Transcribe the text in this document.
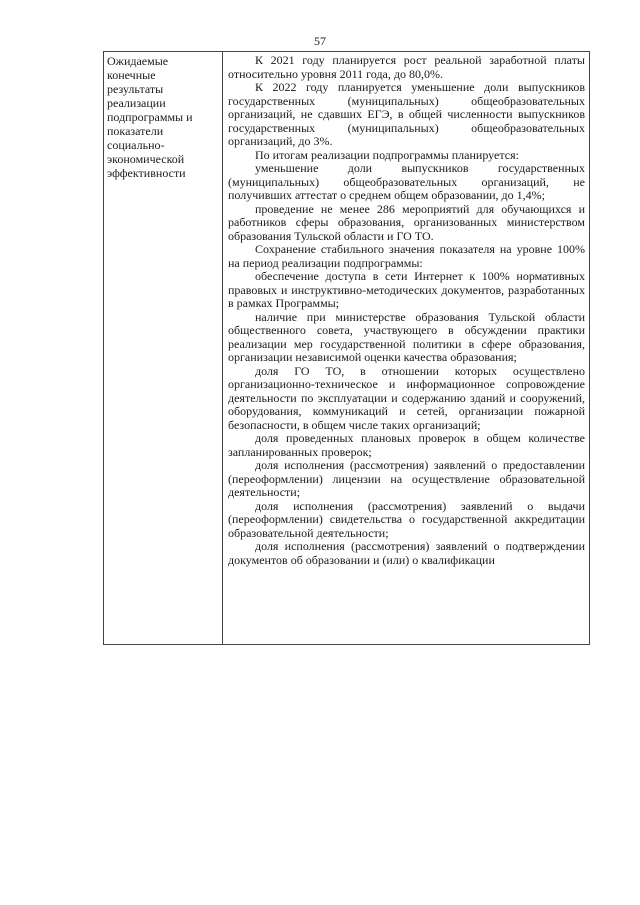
57
Ожидаемые
конечные
результаты
реализации
подпрограммы и
показатели
социально-
экономической
эффективности

К 2021 году планируется рост реальной заработной платы относительно уровня 2011 года, до 80,0%.

К 2022 году планируется уменьшение доли выпускников государственных (муниципальных) общеобразовательных организаций, не сдавших ЕГЭ, в общей численности выпускников государственных (муниципальных) общеобразовательных организаций, до 3%.

По итогам реализации подпрограммы планируется:

уменьшение доли выпускников государственных (муниципальных) общеобразовательных организаций, не получивших аттестат о среднем общем образовании, до 1,4%;

проведение не менее 286 мероприятий для обучающихся и работников сферы образования, организованных министерством образования Тульской области и ГО ТО.

Сохранение стабильного значения показателя на уровне 100% на период реализации подпрограммы:

обеспечение доступа в сети Интернет к 100% нормативных правовых и инструктивно-методических документов, разработанных в рамках Программы;

наличие при министерстве образования Тульской области общественного совета, участвующего в обсуждении практики реализации мер государственной политики в сфере образования, организации независимой оценки качества образования;

доля ГО ТО, в отношении которых осуществлено организационно-техническое и информационное сопровождение деятельности по эксплуатации и содержанию зданий и сооружений, оборудования, коммуникаций и сетей, организации пожарной безопасности, в общем числе таких организаций;

доля проведенных плановых проверок в общем количестве запланированных проверок;

доля исполнения (рассмотрения) заявлений о предоставлении (переоформлении) лицензии на осуществление образовательной деятельности;

доля исполнения (рассмотрения) заявлений о выдачи (переоформлении) свидетельства о государственной аккредитации образовательной деятельности;

доля исполнения (рассмотрения) заявлений о подтверждении документов об образовании и (или) о квалификации
